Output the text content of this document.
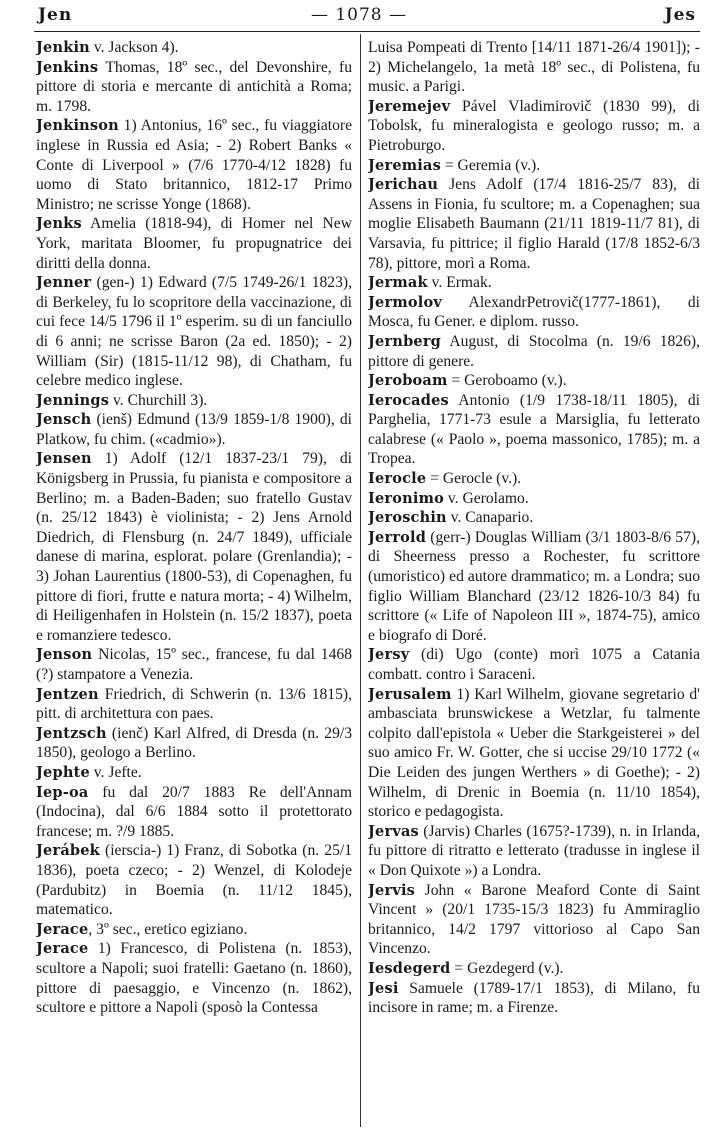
Jen	— 1078 —	Jes

Jenkin v. Jackson 4).

Jenkins Thomas, 18º sec., del Devonshire, fu pittore di storia e mercante di antichità a Roma; m. 1798.

Jenkinson 1) Antonius, 16º sec., fu viaggiatore inglese in Russia ed Asia; - 2) Robert Banks « Conte di Liverpool » (7/6 1770-4/12 1828) fu uomo di Stato britannico, 1812-17 Primo Ministro; ne scrisse Yonge (1868).

Jenks Amelia (1818-94), di Homer nel New York, maritata Bloomer, fu propugnatrice dei diritti della donna.

Jenner (gen-) 1) Edward (7/5 1749-26/1 1823), di Berkeley, fu lo scopritore della vaccinazione, di cui fece 14/5 1796 il 1º esperim. su di un fanciullo di 6 anni; ne scrisse Baron (2a ed. 1850); - 2) William (Sir) (1815-11/12 98), di Chatham, fu celebre medico inglese.

Jennings v. Churchill 3).

Jensch (ienš) Edmund (13/9 1859-1/8 1900), di Platkow, fu chim. («cadmio»).

Jensen 1) Adolf (12/1 1837-23/1 79), di Königsberg in Prussia, fu pianista e compositore a Berlino; m. a Baden-Baden; suo fratello Gustav (n. 25/12 1843) è violinista; - 2) Jens Arnold Diedrich, di Flensburg (n. 24/7 1849), ufficiale danese di marina, esplorat. polare (Grenlandia); - 3) Johan Laurentius (1800-53), di Copenaghen, fu pittore di fiori, frutte e natura morta; - 4) Wilhelm, di Heiligenhafen in Holstein (n. 15/2 1837), poeta e romanziere tedesco.

Jenson Nicolas, 15º sec., francese, fu dal 1468 (?) stampatore a Venezia.

Jentzen Friedrich, di Schwerin (n. 13/6 1815), pitt. di architettura con paes.

Jentzsch (ienč) Karl Alfred, di Dresda (n. 29/3 1850), geologo a Berlino.

Jephte v. Jefte.

Iep-oa fu dal 20/7 1883 Re dell'Annam (Indocina), dal 6/6 1884 sotto il protettorato francese; m. ?/9 1885.

Jerábek (ierscia-) 1) Franz, di Sobotka (n. 25/1 1836), poeta czeco; - 2) Wenzel, di Kolodeje (Pardubitz) in Boemia (n. 11/12 1845), matematico.

Jerace, 3º sec., eretico egiziano.

Jerace 1) Francesco, di Polistena (n. 1853), scultore a Napoli; suoi fratelli: Gaetano (n. 1860), pittore di paesaggio, e Vincenzo (n. 1862), scultore e pittore a Napoli (sposò la Contessa

Luisa Pompeati di Trento [14/11 1871-26/4 1901]); - 2) Michelangelo, 1a metà 18º sec., di Polistena, fu music. a Parigi.

Jeremejev Pável Vladimirovič (1830 99), di Tobolsk, fu mineralogista e geologo russo; m. a Pietroburgo.

Jeremias = Geremia (v.).

Jerichau Jens Adolf (17/4 1816-25/7 83), di Assens in Fionia, fu scultore; m. a Copenaghen; sua moglie Elisabeth Baumann (21/11 1819-11/7 81), di Varsavia, fu pittrice; il figlio Harald (17/8 1852-6/3 78), pittore, morì a Roma.

Jermak v. Ermak.

Jermolov AlexandrPetrovič(1777-1861), di Mosca, fu Gener. e diplom. russo.

Jernberg August, di Stocolma (n. 19/6 1826), pittore di genere.

Jeroboam = Geroboamo (v.).

Ierocades Antonio (1/9 1738-18/11 1805), di Parghelia, 1771-73 esule a Marsiglia, fu letterato calabrese (« Paolo », poema massonico, 1785); m. a Tropea.

Ierocle = Gerocle (v.).

Ieronimo v. Gerolamo.

Jeroschin v. Canapario.

Jerrold (gerr-) Douglas William (3/1 1803-8/6 57), di Sheerness presso a Rochester, fu scrittore (umoristico) ed autore drammatico; m. a Londra; suo figlio William Blanchard (23/12 1826-10/3 84) fu scrittore (« Life of Napoleon III », 1874-75), amico e biografo di Doré.

Jersy (di) Ugo (conte) morì 1075 a Catania combatt. contro i Saraceni.

Jerusalem 1) Karl Wilhelm, giovane segretario d' ambasciata brunswickese a Wetzlar, fu talmente colpito dall'epistola « Ueber die Starkgeisterei » del suo amico Fr. W. Gotter, che si uccise 29/10 1772 (« Die Leiden des jungen Werthers » di Goethe); - 2) Wilhelm, di Drenic in Boemia (n. 11/10 1854), storico e pedagogista.

Jervas (Jarvis) Charles (1675?-1739), n. in Irlanda, fu pittore di ritratto e letterato (tradusse in inglese il « Don Quixote ») a Londra.

Jervis John « Barone Meaford Conte di Saint Vincent » (20/1 1735-15/3 1823) fu Ammiraglio britannico, 14/2 1797 vittorioso al Capo San Vincenzo.

Iesdegerd = Gezdegerd (v.).

Jesi Samuele (1789-17/1 1853), di Milano, fu incisore in rame; m. a Firenze.
